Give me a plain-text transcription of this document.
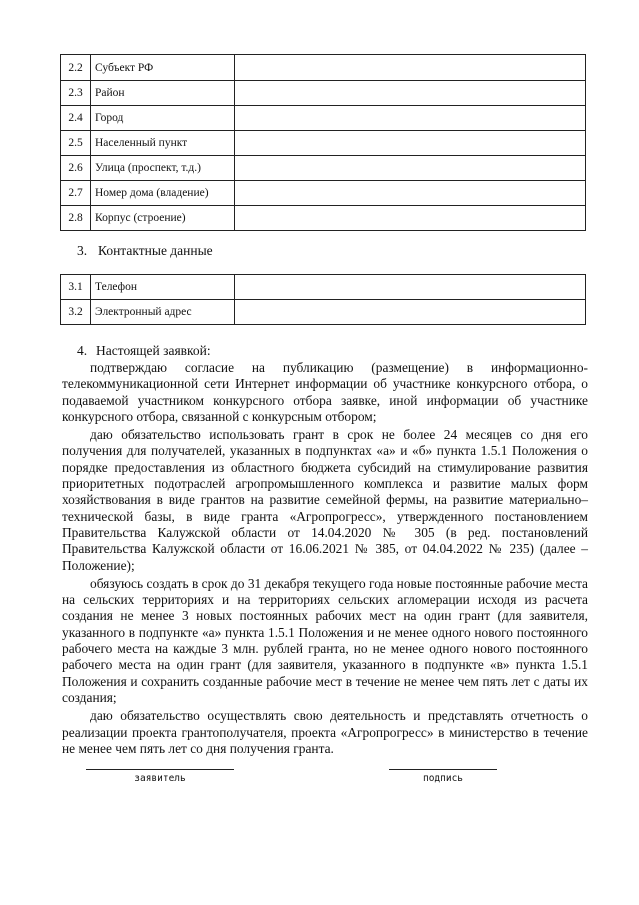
2.2	Субъект РФ	
2.3	Район	
2.4	Город	
2.5	Населенный пункт	
2.6	Улица (проспект, т.д.)	
2.7	Номер дома (владение)	
2.8	Корпус (строение)	
3. Контактные данные
3.1	Телефон	
3.2	Электронный адрес	
4. Настоящей заявкой:

подтверждаю согласие на публикацию (размещение) в информационно-телекоммуникационной сети Интернет информации об участнике конкурсного отбора, о подаваемой участником конкурсного отбора заявке, иной информации об участнике конкурсного отбора, связанной с конкурсным отбором;

даю обязательство использовать грант в срок не более 24 месяцев со дня его получения для получателей, указанных в подпунктах «а» и «б» пункта 1.5.1 Положения о порядке предоставления из областного бюджета субсидий на стимулирование развития приоритетных подотраслей агропромышленного комплекса и развитие малых форм хозяйствования в виде грантов на развитие семейной фермы, на развитие материально–технической базы, в виде гранта «Агропрогресс», утвержденного постановлением Правительства Калужской области от 14.04.2020 № 305 (в ред. постановлений Правительства Калужской области от 16.06.2021 № 385, от 04.04.2022 № 235) (далее – Положение);

обязуюсь создать в срок до 31 декабря текущего года новые постоянные рабочие места на сельских территориях и на территориях сельских агломерации исходя из расчета создания не менее 3 новых постоянных рабочих мест на один грант (для заявителя, указанного в подпункте «а» пункта 1.5.1 Положения и не менее одного нового постоянного рабочего места на каждые 3 млн. рублей гранта, но не менее одного нового постоянного рабочего места на один грант (для заявителя, указанного в подпункте «в» пункта 1.5.1 Положения и сохранить созданные рабочие мест в течение не менее чем пять лет с даты их создания;

даю обязательство осуществлять свою деятельность и представлять отчетность о реализации проекта грантополучателя, проекта «Агропрогресс» в министерство в течение не менее чем пять лет со дня получения гранта.

заявитель	подпись
